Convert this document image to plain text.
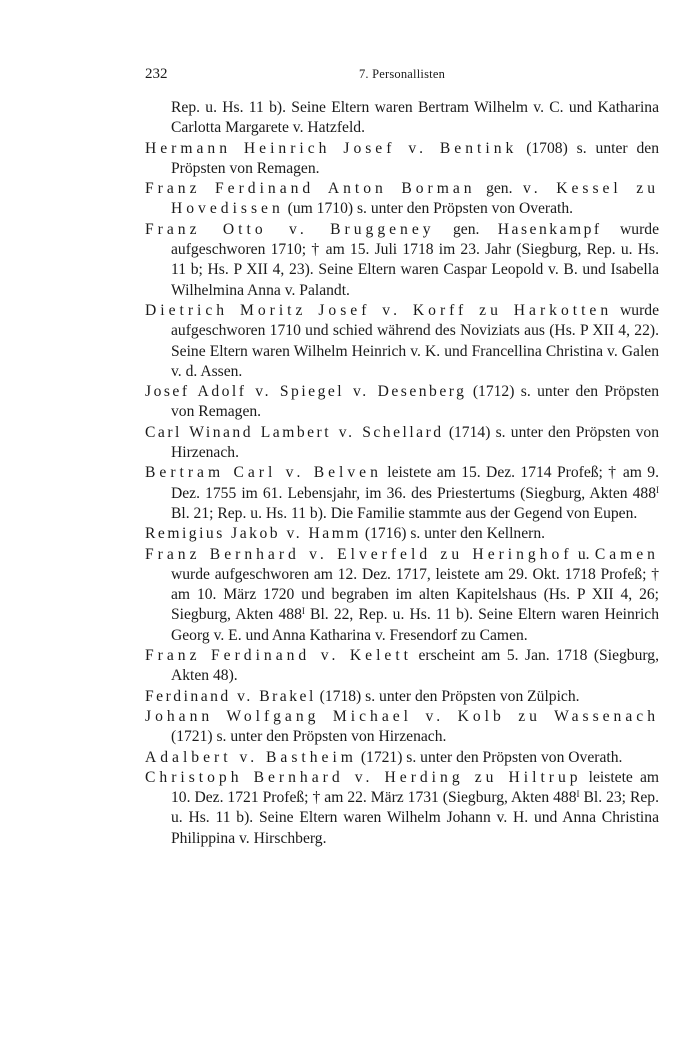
232	7. Personallisten

Rep. u. Hs. 11 b). Seine Eltern waren Bertram Wilhelm v. C. und Katharina Carlotta Margarete v. Hatzfeld.

Hermann Heinrich Josef v. Bentink (1708) s. unter den Pröpsten von Remagen.

Franz Ferdinand Anton Borman gen. v. Kessel zu Hovedissen (um 1710) s. unter den Pröpsten von Overath.

Franz Otto v. Bruggeney gen. Hasenkampf wurde aufgeschworen 1710; † am 15. Juli 1718 im 23. Jahr (Siegburg, Rep. u. Hs. 11 b; Hs. P XII 4, 23). Seine Eltern waren Caspar Leopold v. B. und Isabella Wilhelmina Anna v. Palandt.

Dietrich Moritz Josef v. Korff zu Harkotten wurde aufgeschworen 1710 und schied während des Noviziats aus (Hs. P XII 4, 22). Seine Eltern waren Wilhelm Heinrich v. K. und Francellina Christina v. Galen v. d. Assen.

Josef Adolf v. Spiegel v. Desenberg (1712) s. unter den Pröpsten von Remagen.

Carl Winand Lambert v. Schellard (1714) s. unter den Pröpsten von Hirzenach.

Bertram Carl v. Belven leistete am 15. Dez. 1714 Profeß; † am 9. Dez. 1755 im 61. Lebensjahr, im 36. des Priestertums (Siegburg, Akten $488^I$ Bl. 21; Rep. u. Hs. 11 b). Die Familie stammte aus der Gegend von Eupen.

Remigius Jakob v. Hamm (1716) s. unter den Kellnern.

Franz Bernhard v. Elverfeld zu Heringhof u. Camen wurde aufgeschworen am 12. Dez. 1717, leistete am 29. Okt. 1718 Profeß; † am 10. März 1720 und begraben im alten Kapitelshaus (Hs. P XII 4, 26; Siegburg, Akten $488^I$ Bl. 22, Rep. u. Hs. 11 b). Seine Eltern waren Heinrich Georg v. E. und Anna Katharina v. Fresendorf zu Camen.

Franz Ferdinand v. Kelett erscheint am 5. Jan. 1718 (Siegburg, Akten 48).

Ferdinand v. Brakel (1718) s. unter den Pröpsten von Zülpich.

Johann Wolfgang Michael v. Kolb zu Wassenach (1721) s. unter den Pröpsten von Hirzenach.

Adalbert v. Bastheim (1721) s. unter den Pröpsten von Overath.

Christoph Bernhard v. Herding zu Hiltrup leistete am 10. Dez. 1721 Profeß; † am 22. März 1731 (Siegburg, Akten $488^I$ Bl. 23; Rep. u. Hs. 11 b). Seine Eltern waren Wilhelm Johann v. H. und Anna Christina Philippina v. Hirschberg.
